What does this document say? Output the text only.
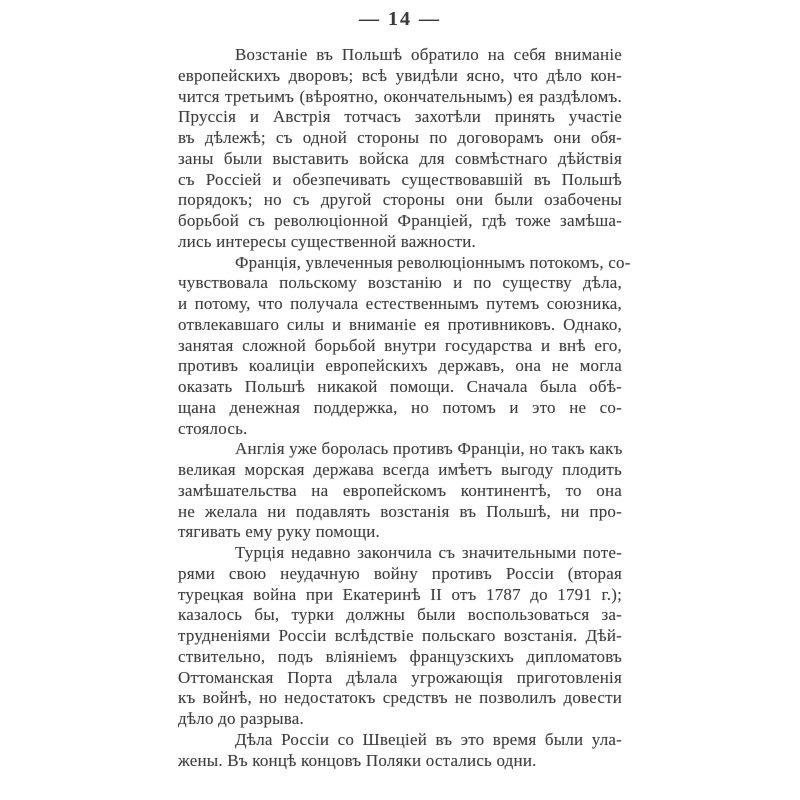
— 14 —

Возстаніе въ Польшѣ обратило на себя вниманіе
европейскихъ дворовъ; всѣ увидѣли ясно, что дѣло кон-
чится третьимъ (вѣроятно, окончательнымъ) ея раздѣломъ.
Пруссія и Австрія тотчасъ захотѣли принять участіе
въ дѣлежѣ; съ одной стороны по договорамъ они обя-
заны были выставить войска для совмѣстнаго дѣйствія
съ Россіей и обезпечивать существовавшій въ Польшѣ
порядокъ; но съ другой стороны они были озабочены
борьбой съ революціонной Франціей, гдѣ тоже замѣша-
лись интересы существенной важности.

Франція, увлеченныя революціоннымъ потокомъ, со-
чувствовала польскому возстанію и по существу дѣла,
и потому, что получала естественнымъ путемъ союзника,
отвлекавшаго силы и вниманіе ея противниковъ. Однако,
занятая сложной борьбой внутри государства и внѣ его,
противъ коалиціи европейскихъ державъ, она не могла
оказать Польшѣ никакой помощи. Сначала была обѣ-
щана денежная поддержка, но потомъ и это не со-
стоялось.

Англія уже боролась противъ Франціи, но такъ какъ
великая морская держава всегда имѣетъ выгоду плодить
замѣшательства на европейскомъ континентѣ, то она
не желала ни подавлять возстанія въ Польшѣ, ни про-
тягивать ему руку помощи.

Турція недавно закончила съ значительными поте-
рями свою неудачную войну противъ Россіи (вторая
турецкая война при Екатеринѣ II отъ 1787 до 1791 г.);
казалось бы, турки должны были воспользоваться за-
трудненіями Россіи вслѣдствіе польскаго возстанія. Дѣй-
ствительно, подъ вліяніемъ французскихъ дипломатовъ
Оттоманская Порта дѣлала угрожающія приготовленія
къ войнѣ, но недостатокъ средствъ не позволилъ довести
дѣло до разрыва.

Дѣла Россіи со Швеціей въ это время были ула-
жены. Въ концѣ концовъ Поляки остались одни.
